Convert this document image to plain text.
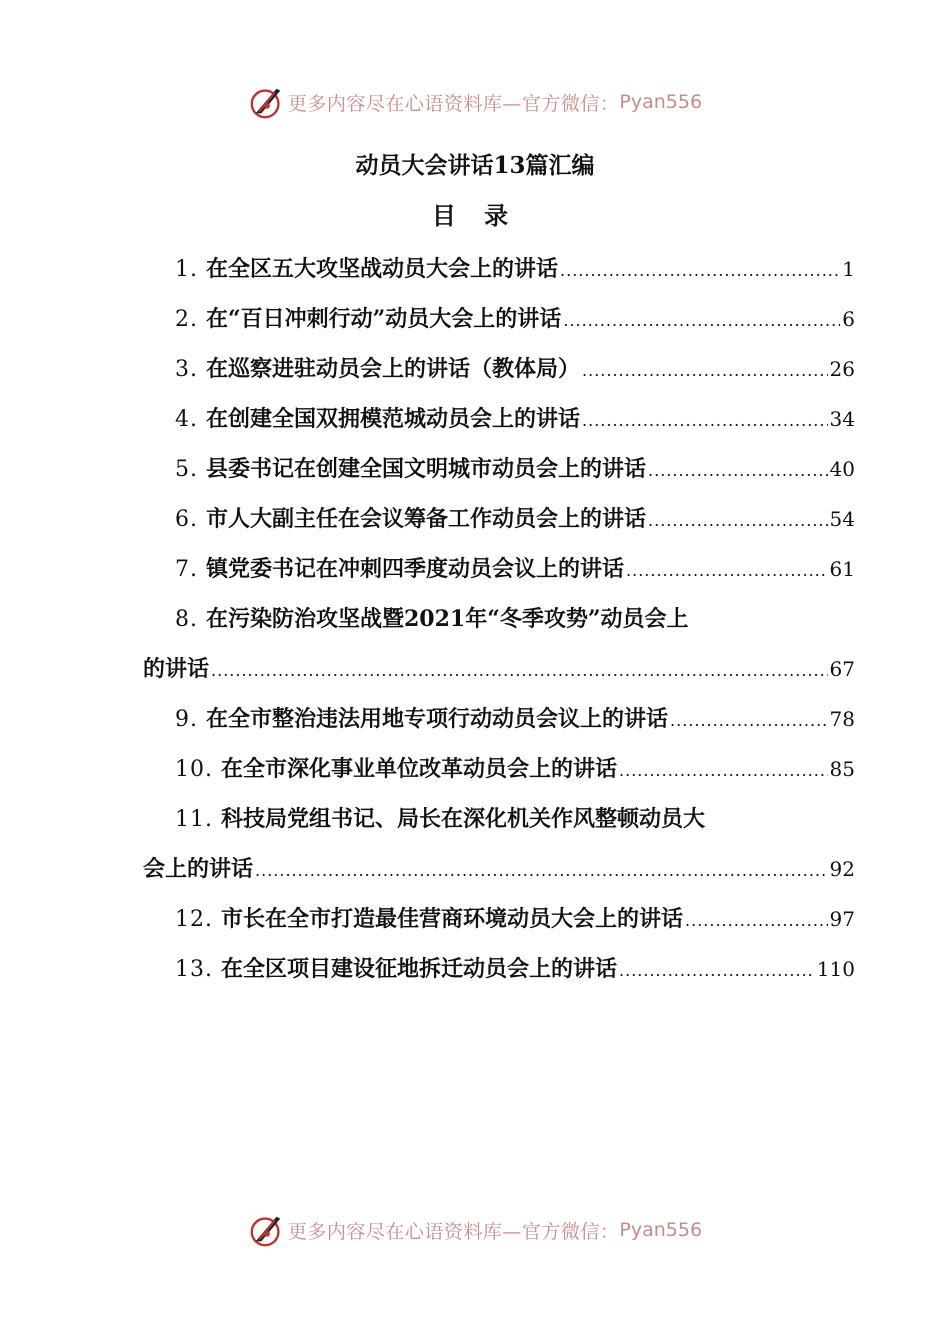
更多内容尽在心语资料库—官方微信： Pyan556
动员大会讲话13篇汇编
目 录
1. 在全区五大攻坚战动员大会上的讲话 .....	1
2. 在“百日冲刺行动”动员大会上的讲话 .....	6
3. 在巡察进驻动员会上的讲话（教体局） .....	26
4. 在创建全国双拥模范城动员会上的讲话 .....	34
5. 县委书记在创建全国文明城市动员会上的讲话 .....	40
6. 市人大副主任在会议筹备工作动员会上的讲话 .....	54
7. 镇党委书记在冲刺四季度动员会议上的讲话 .....	61
8. 在污染防治攻坚战暨2021年“冬季攻势”动员会上
的讲话 .....	67
9. 在全市整治违法用地专项行动动员会议上的讲话 .....	78
10. 在全市深化事业单位改革动员会上的讲话 .....	85
11. 科技局党组书记、局长在深化机关作风整顿动员大
会上的讲话 .....	92
12. 市长在全市打造最佳营商环境动员大会上的讲话 .....	97
13. 在全区项目建设征地拆迁动员会上的讲话 .....	110
更多内容尽在心语资料库—官方微信： Pyan556
